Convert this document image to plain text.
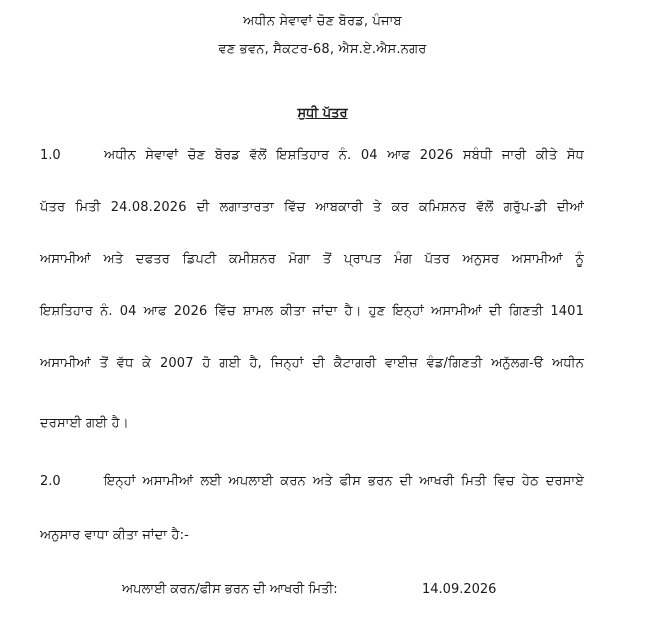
ਅਧੀਨ ਸੇਵਾਵਾਂ ਚੋਣ ਬੋਰਡ, ਪੰਜਾਬ
ਵਣ ਭਵਨ, ਸੈਕਟਰ-68, ਐਸ.ਏ.ਐਸ.ਨਗਰ
ਸੁਧੀ ਪੱਤਰ
1.0	ਅਧੀਨ ਸੇਵਾਵਾਂ ਚੋਣ ਬੋਰਡ ਵੱਲੋਂ ਇਸ਼ਤਿਹਾਰ ਨੰ. 04 ਆਫ 2026 ਸਬੰਧੀ ਜਾਰੀ ਕੀਤੇ ਸੋਧ
ਪੱਤਰ ਮਿਤੀ 24.08.2026 ਦੀ ਲਗਾਤਾਰਤਾ ਵਿੱਚ ਆਬਕਾਰੀ ਤੇ ਕਰ ਕਮਿਸ਼ਨਰ ਵੱਲੋਂ ਗਰੁੱਪ-ਡੀ ਦੀਆਂ
ਅਸਾਮੀਆਂ ਅਤੇ ਦਫਤਰ ਡਿਪਟੀ ਕਮੀਸ਼ਨਰ ਮੋਗਾ ਤੋਂ ਪ੍ਰਾਪਤ ਮੰਗ ਪੱਤਰ ਅਨੁਸਰ ਅਸਾਮੀਆਂ ਨੂੰ
ਇਸ਼ਤਿਹਾਰ ਨੰ. 04 ਆਫ 2026 ਵਿੱਚ ਸ਼ਾਮਲ ਕੀਤਾ ਜਾਂਦਾ ਹੈ। ਹੁਣ ਇਨ੍ਹਾਂ ਅਸਾਮੀਆਂ ਦੀ ਗਿਣਤੀ 1401
ਅਸਾਮੀਆਂ ਤੋਂ ਵੱਧ ਕੇ 2007 ਹੋ ਗਈ ਹੈ, ਜਿਨ੍ਹਾਂ ਦੀ ਕੈਟਾਗਰੀ ਵਾਈਜ਼ ਵੰਡ/ਗਿਣਤੀ ਅਨੁੱਲਗ-ੳ ਅਧੀਨ
ਦਰਸਾਈ ਗਈ ਹੈ।
2.0	ਇਨ੍ਹਾਂ ਅਸਾਮੀਆਂ ਲਈ ਅਪਲਾਈ ਕਰਨ ਅਤੇ ਫੀਸ ਭਰਨ ਦੀ ਆਖਰੀ ਮਿਤੀ ਵਿਚ ਹੇਠ ਦਰਸਾਏ
ਅਨੁਸਾਰ ਵਾਧਾ ਕੀਤਾ ਜਾਂਦਾ ਹੈ:-
ਅਪਲਾਈ ਕਰਨ/ਫੀਸ ਭਰਨ ਦੀ ਆਖਰੀ ਮਿਤੀ:	14.09.2026
